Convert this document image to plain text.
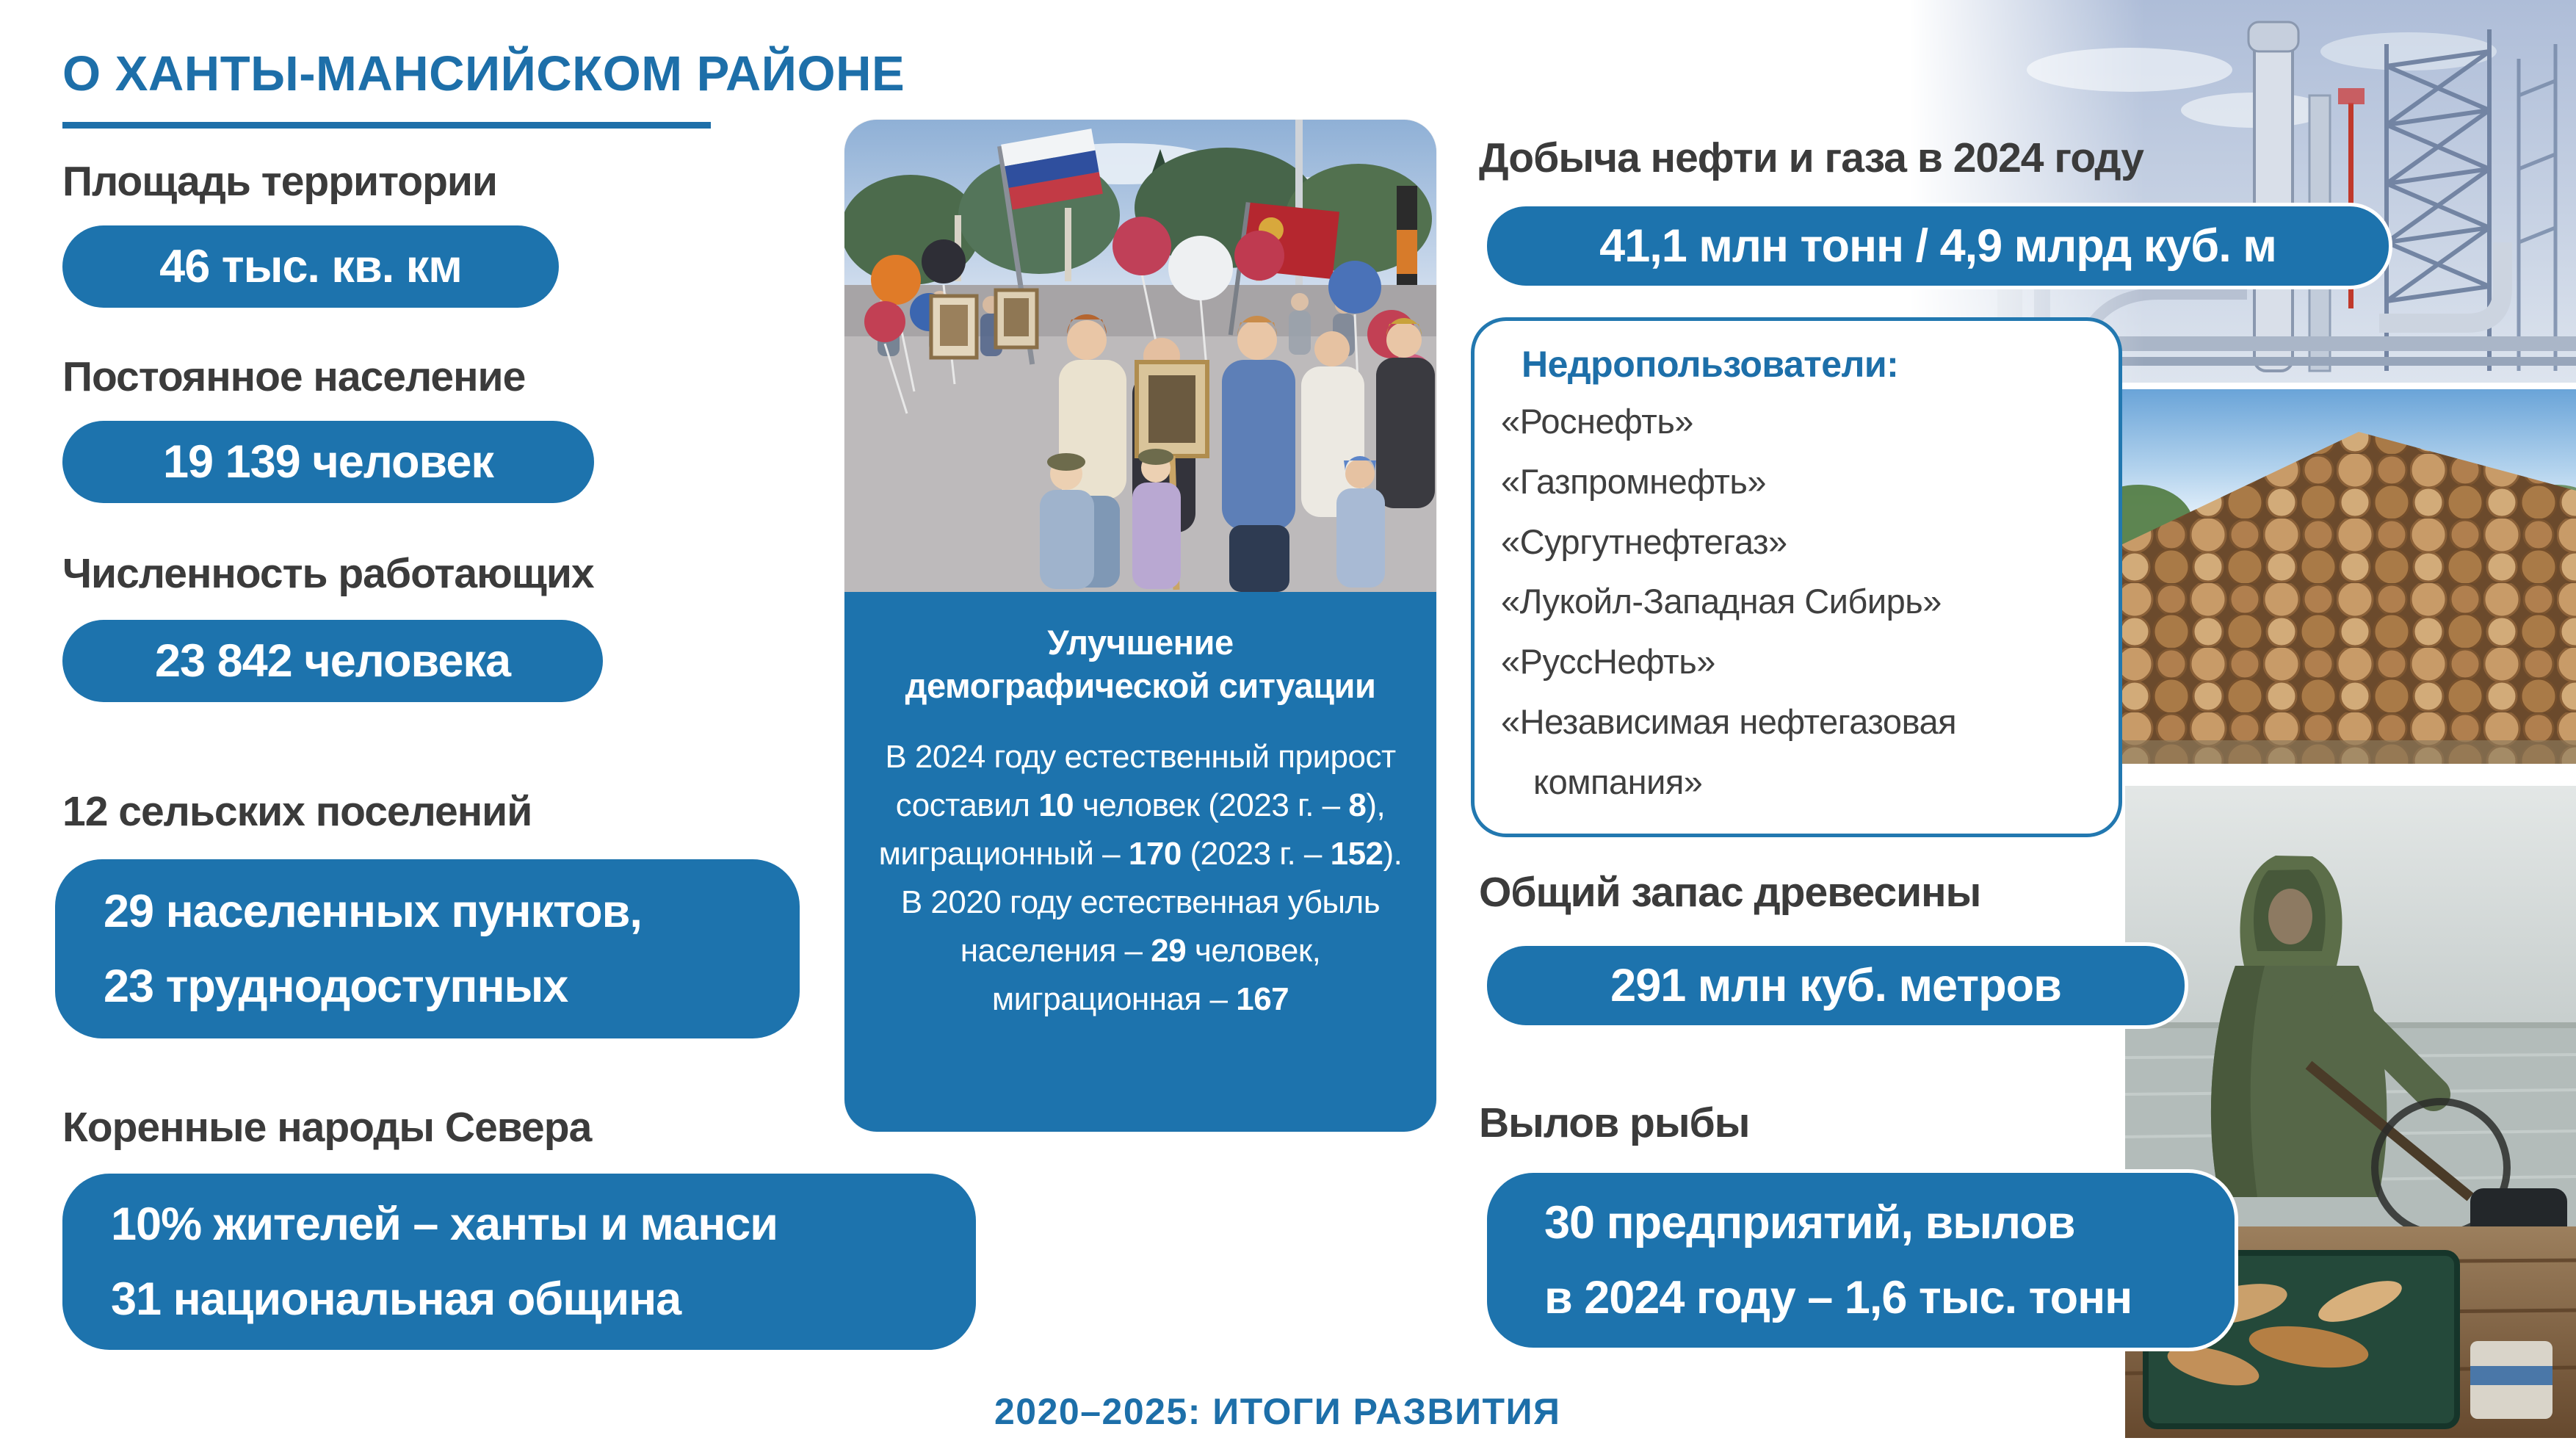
О ХАНТЫ-МАНСИЙСКОМ РАЙОНЕ
Площадь территории
46 тыс. кв. км
Постоянное население
19 139 человек
Численность работающих
23 842 человека
12 сельских поселений
29 населенных пунктов,
23 труднодоступных
Коренные народы Севера
10% жителей – ханты и манси
31 национальная община
Улучшение
демографической ситуации
В 2024 году естественный прирост составил 10 человек (2023 г. – 8), миграционный – 170 (2023 г. – 152). В 2020 году естественная убыль населения – 29 человек, миграционная – 167
Добыча нефти и газа в 2024 году
41,1 млн тонн / 4,9 млрд куб. м
Недропользователи:
«Роснефть»
«Газпромнефть»
«Сургутнефтегаз»
«Лукойл-Западная Сибирь»
«РуссНефть»
«Независимая нефтегазовая компания»
Общий запас древесины
291 млн куб. метров
Вылов рыбы
30 предприятий, вылов
в 2024 году – 1,6 тыс. тонн
2020–2025: ИТОГИ РАЗВИТИЯ
